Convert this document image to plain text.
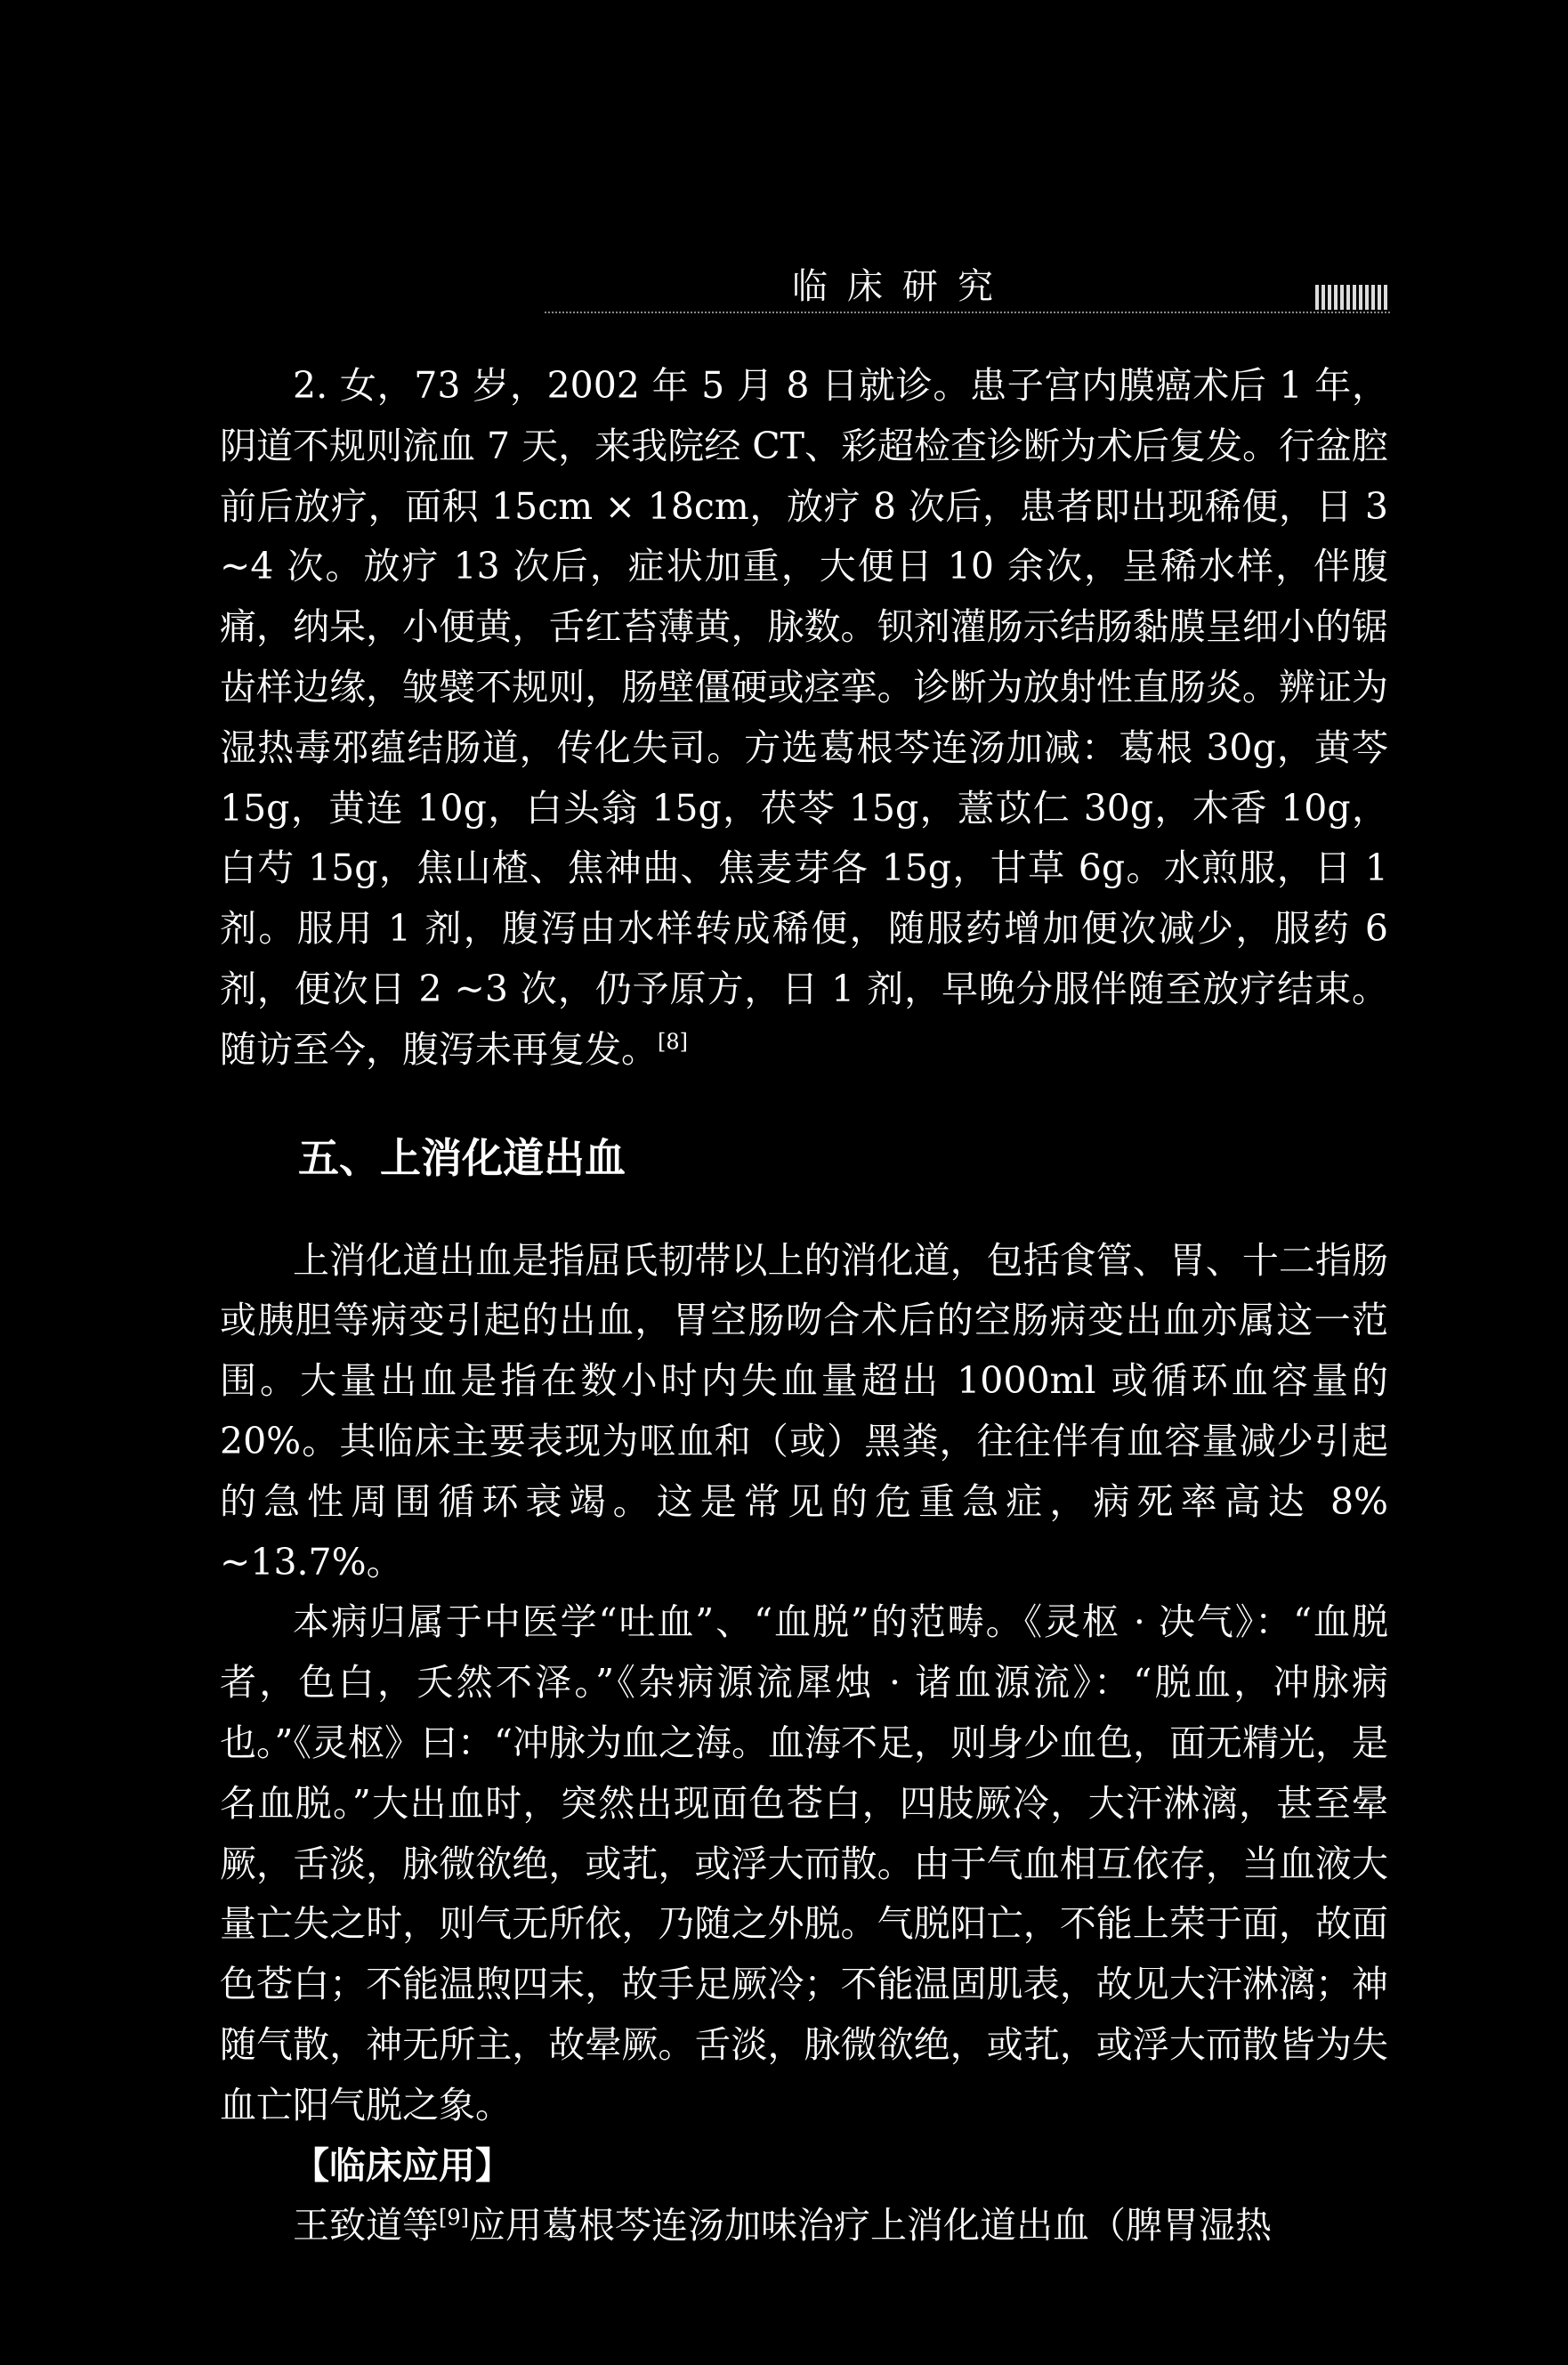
临床研究

2. 女，73 岁，2002 年 5 月 8 日就诊。患子宫内膜癌术后 1 年，阴道不规则流血 7 天，来我院经 CT、彩超检查诊断为术后复发。行盆腔前后放疗，面积 15cm × 18cm，放疗 8 次后，患者即出现稀便，日 3 ~4 次。放疗 13 次后，症状加重，大便日 10 余次，呈稀水样，伴腹痛，纳呆，小便黄，舌红苔薄黄，脉数。钡剂灌肠示结肠黏膜呈细小的锯齿样边缘，皱襞不规则，肠壁僵硬或痉挛。诊断为放射性直肠炎。辨证为湿热毒邪蕴结肠道，传化失司。方选葛根芩连汤加减：葛根 30g，黄芩 15g，黄连 10g，白头翁 15g，茯苓 15g，薏苡仁 30g，木香 10g，白芍 15g，焦山楂、焦神曲、焦麦芽各 15g，甘草 6g。水煎服，日 1 剂。服用 1 剂，腹泻由水样转成稀便，随服药增加便次减少，服药 6 剂，便次日 2 ~3 次，仍予原方，日 1 剂，早晚分服伴随至放疗结束。随访至今，腹泻未再复发。[8]

五、上消化道出血

上消化道出血是指屈氏韧带以上的消化道，包括食管、胃、十二指肠或胰胆等病变引起的出血，胃空肠吻合术后的空肠病变出血亦属这一范围。大量出血是指在数小时内失血量超出 1000ml 或循环血容量的 20%。其临床主要表现为呕血和（或）黑粪，往往伴有血容量减少引起的急性周围循环衰竭。这是常见的危重急症，病死率高达 8% ~13.7%。

本病归属于中医学“吐血”、“血脱”的范畴。《灵枢 · 决气》：“血脱者，色白，夭然不泽。”《杂病源流犀烛 · 诸血源流》：“脱血，冲脉病也。”《灵枢》曰：“冲脉为血之海。血海不足，则身少血色，面无精光，是名血脱。”大出血时，突然出现面色苍白，四肢厥冷，大汗淋漓，甚至晕厥，舌淡，脉微欲绝，或芤，或浮大而散。由于气血相互依存，当血液大量亡失之时，则气无所依，乃随之外脱。气脱阳亡，不能上荣于面，故面色苍白；不能温煦四末，故手足厥冷；不能温固肌表，故见大汗淋漓；神随气散，神无所主，故晕厥。舌淡，脉微欲绝，或芤，或浮大而散皆为失血亡阳气脱之象。

【临床应用】

王致道等[9]应用葛根芩连汤加味治疗上消化道出血（脾胃湿热
